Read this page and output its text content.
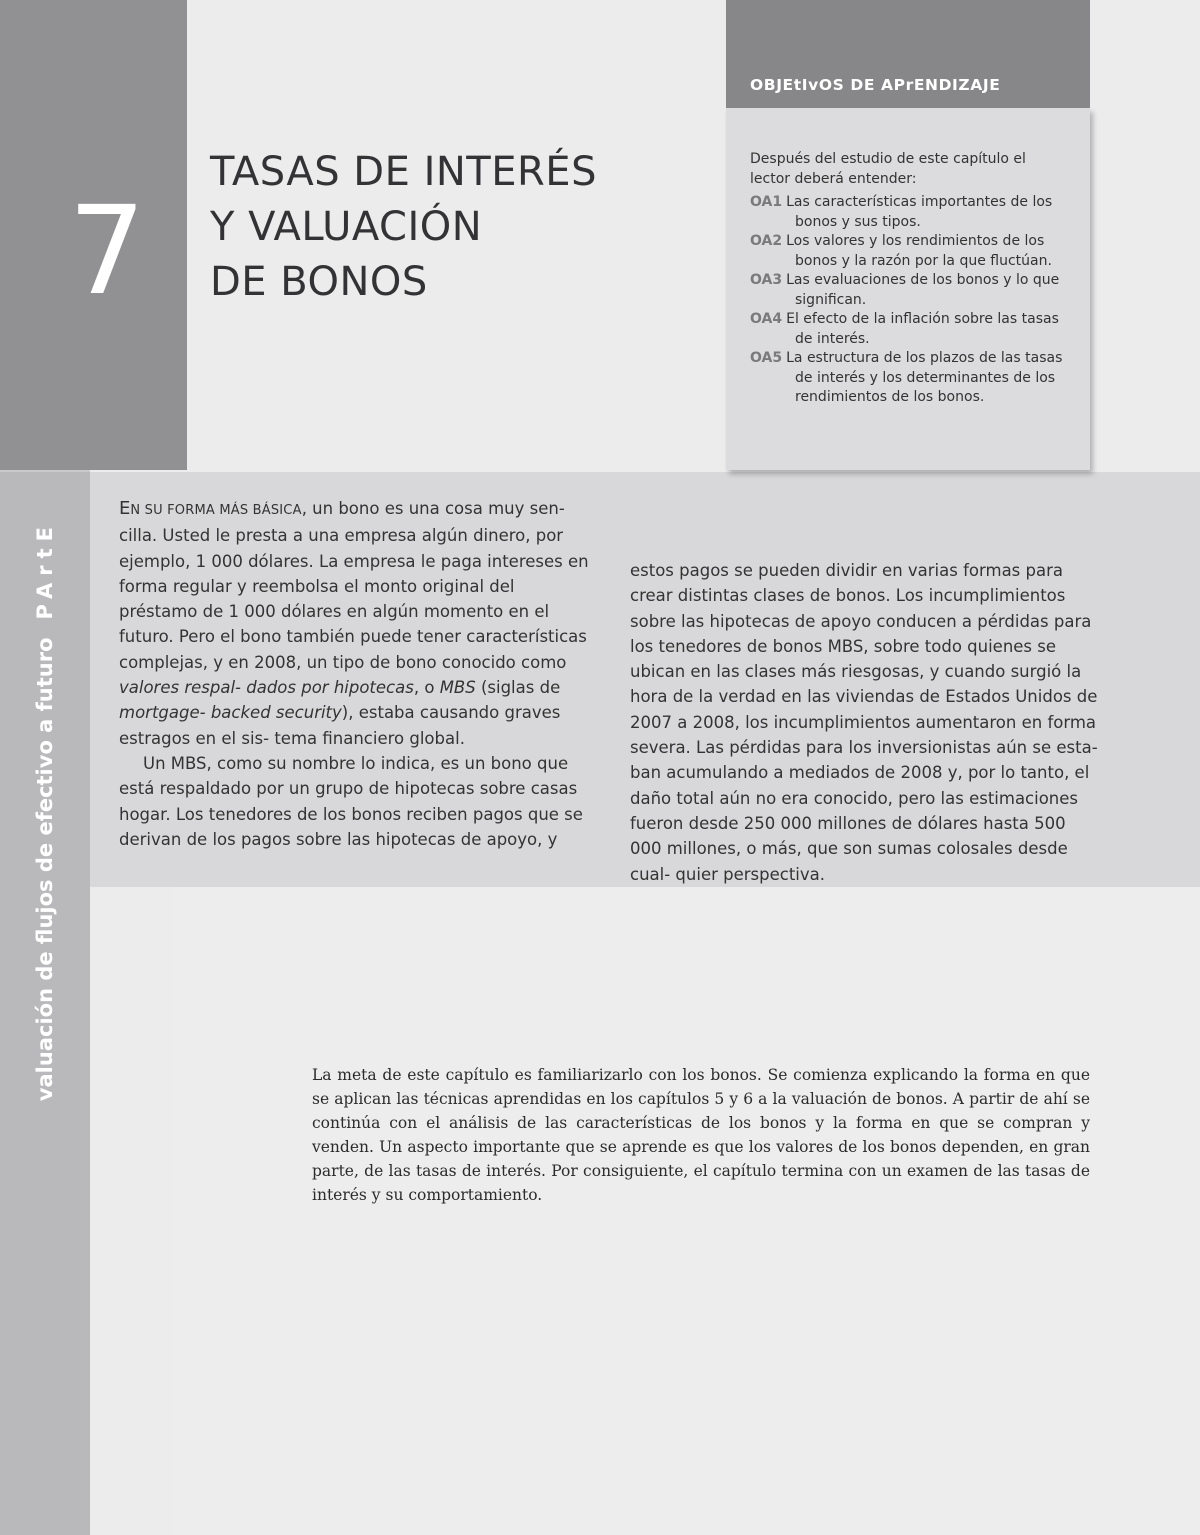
7
valuación de flujos de efectivo a futuroPArtE
TASAS DE INTERÉS
Y VALUACIÓN
DE BONOS
OBJEtIvOS DE APrENDIZAJE
Después del estudio de este capítulo el lector deberá entender:
OA1 Las características importantes de los bonos y sus tipos.
OA2 Los valores y los rendimientos de los bonos y la razón por la que fluctúan.
OA3 Las evaluaciones de los bonos y lo que significan.
OA4 El efecto de la inflación sobre las tasas de interés.
OA5 La estructura de los plazos de las tasas de interés y los determinantes de los rendimientos de los bonos.
EN SU FORMA MÁS BÁSICA, un bono es una cosa muy sen- cilla. Usted le presta a una empresa algún dinero, por ejemplo, 1 000 dólares. La empresa le paga intereses en forma regular y reembolsa el monto original del préstamo de 1 000 dólares en algún momento en el futuro. Pero el bono también puede tener características complejas, y en 2008, un tipo de bono conocido como valores respal- dados por hipotecas, o MBS (siglas de mortgage- backed security), estaba causando graves estragos en el sis- tema financiero global.
Un MBS, como su nombre lo indica, es un bono que está respaldado por un grupo de hipotecas sobre casas hogar. Los tenedores de los bonos reciben pagos que se derivan de los pagos sobre las hipotecas de apoyo, y
estos pagos se pueden dividir en varias formas para crear distintas clases de bonos. Los incumplimientos sobre las hipotecas de apoyo conducen a pérdidas para los tenedores de bonos MBS, sobre todo quienes se ubican en las clases más riesgosas, y cuando surgió la hora de la verdad en las viviendas de Estados Unidos de 2007 a 2008, los incumplimientos aumentaron en forma severa. Las pérdidas para los inversionistas aún se esta- ban acumulando a mediados de 2008 y, por lo tanto, el daño total aún no era conocido, pero las estimaciones fueron desde 250 000 millones de dólares hasta 500 000 millones, o más, que son sumas colosales desde cual- quier perspectiva.
La meta de este capítulo es familiarizarlo con los bonos. Se comienza explicando la forma en que se aplican las técnicas aprendidas en los capítulos 5 y 6 a la valuación de bonos. A partir de ahí se continúa con el análisis de las características de los bonos y la forma en que se compran y venden. Un aspecto importante que se aprende es que los valores de los bonos dependen, en gran parte, de las tasas de interés. Por consiguiente, el capítulo termina con un examen de las tasas de interés y su comportamiento.
